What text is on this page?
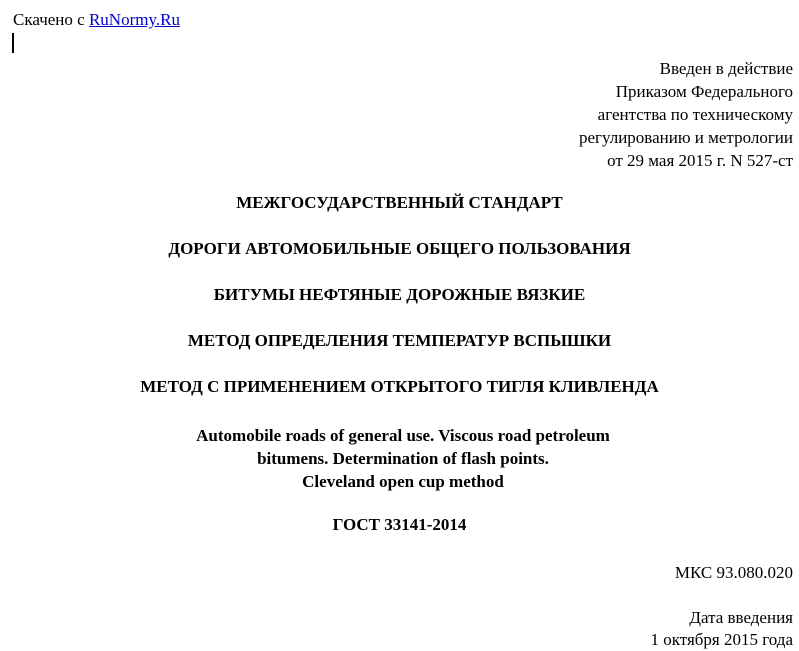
Скачено с RuNormy.Ru
Введен в действие
Приказом Федерального
агентства по техническому
регулированию и метрологии
от 29 мая 2015 г. N 527-ст
МЕЖГОСУДАРСТВЕННЫЙ СТАНДАРТ
ДОРОГИ АВТОМОБИЛЬНЫЕ ОБЩЕГО ПОЛЬЗОВАНИЯ
БИТУМЫ НЕФТЯНЫЕ ДОРОЖНЫЕ ВЯЗКИЕ
МЕТОД ОПРЕДЕЛЕНИЯ ТЕМПЕРАТУР ВСПЫШКИ
МЕТОД С ПРИМЕНЕНИЕМ ОТКРЫТОГО ТИГЛЯ КЛИВЛЕНДА
Automobile roads of general use. Viscous road petroleum
bitumens. Determination of flash points.
Cleveland open cup method
ГОСТ 33141-2014
МКС 93.080.020
Дата введения
1 октября 2015 года
